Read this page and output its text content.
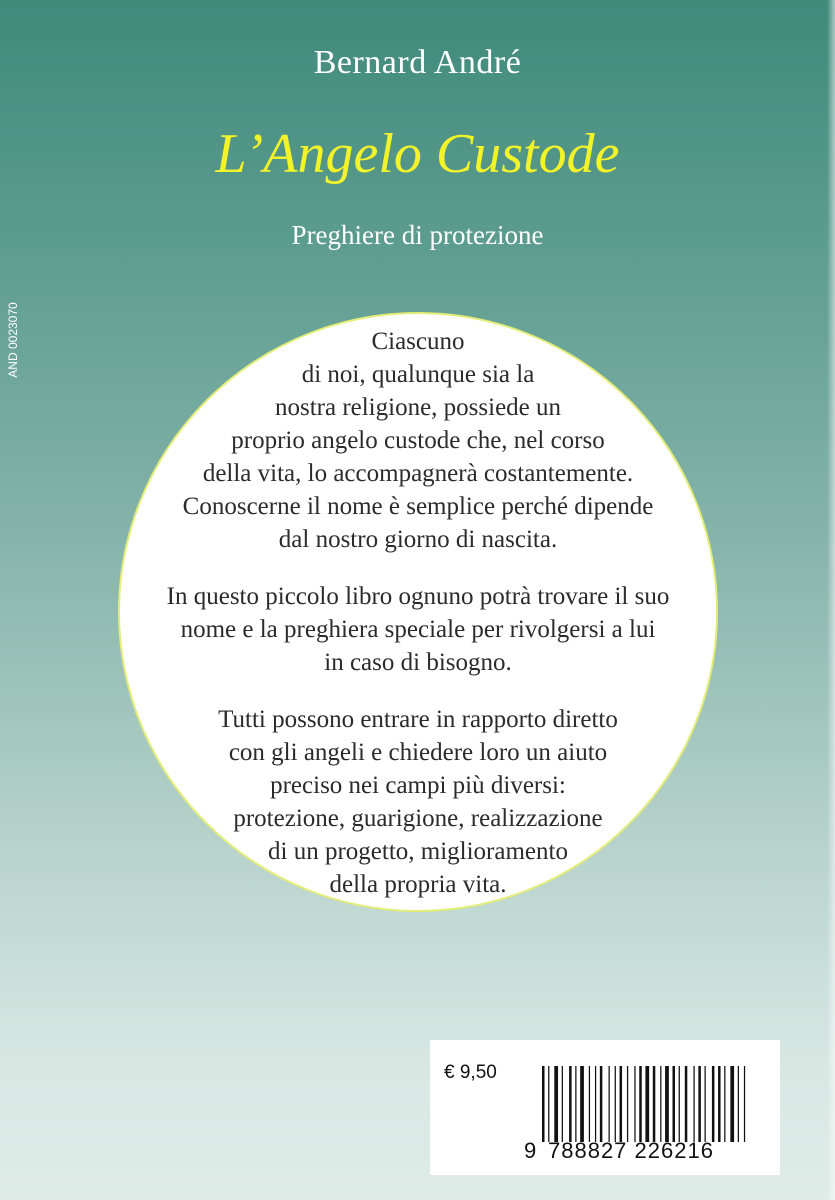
Bernard André
L’Angelo Custode
Preghiere di protezione
AND 0023070	Ciascuno

di noi, qualunque sia la

nostra religione, possiede un

proprio angelo custode che, nel corso

della vita, lo accompagnerà costantemente.

Conoscerne il nome è semplice perché dipende

dal nostro giorno di nascita.

In questo piccolo libro ognuno potrà trovare il suo

nome e la preghiera speciale per rivolgersi a lui

in caso di bisogno.

Tutti possono entrare in rapporto diretto

con gli angeli e chiedere loro un aiuto

preciso nei campi più diversi:

protezione, guarigione, realizzazione

di un progetto, miglioramento

della propria vita.

€ 9,50
9 788827 226216
